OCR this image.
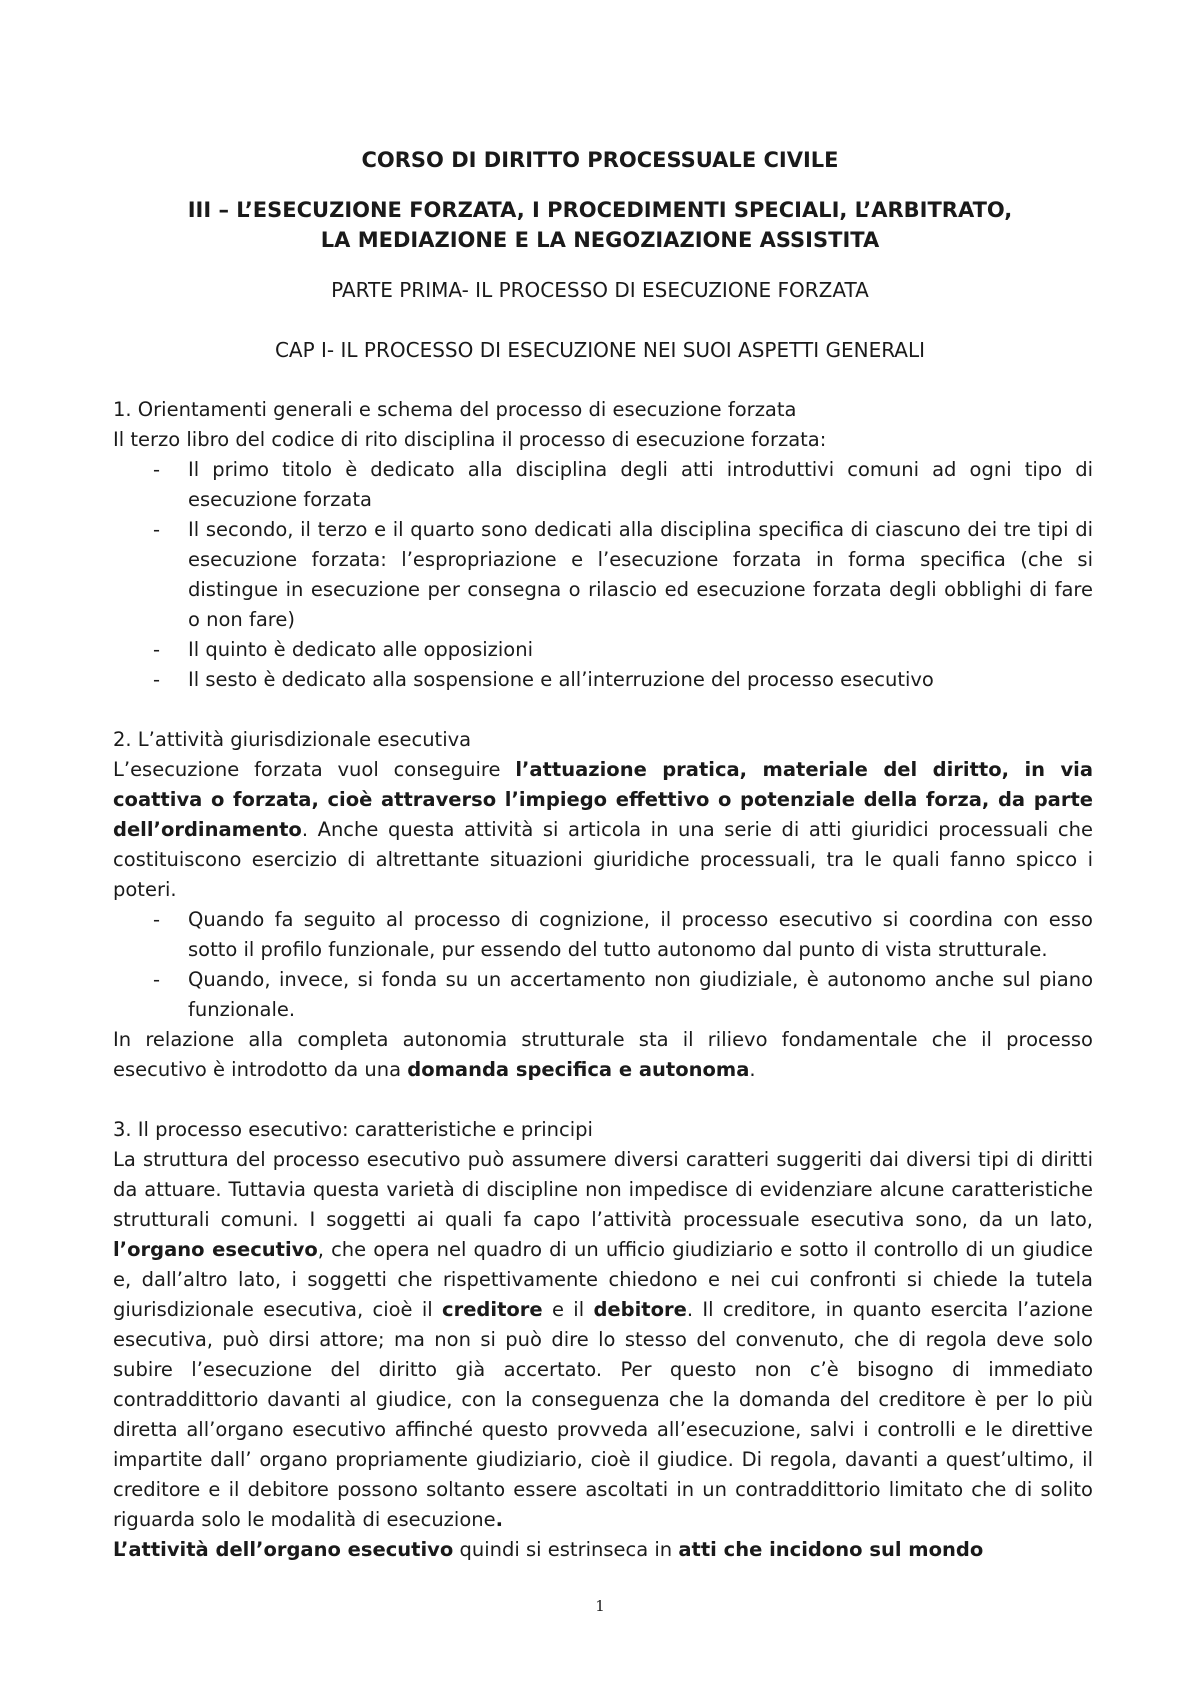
CORSO DI DIRITTO PROCESSUALE CIVILE
III – L’ESECUZIONE FORZATA, I PROCEDIMENTI SPECIALI, L’ARBITRATO,
LA MEDIAZIONE E LA NEGOZIAZIONE ASSISTITA
PARTE PRIMA- IL PROCESSO DI ESECUZIONE FORZATA
CAP I- IL PROCESSO DI ESECUZIONE NEI SUOI ASPETTI GENERALI
1. Orientamenti generali e schema del processo di esecuzione forzata
Il terzo libro del codice di rito disciplina il processo di esecuzione forzata:
- Il primo titolo è dedicato alla disciplina degli atti introduttivi comuni ad ogni tipo di esecuzione forzata
- Il secondo, il terzo e il quarto sono dedicati alla disciplina specifica di ciascuno dei tre tipi di esecuzione forzata: l’espropriazione e l’esecuzione forzata in forma specifica (che si distingue in esecuzione per consegna o rilascio ed esecuzione forzata degli obblighi di fare o non fare)
- Il quinto è dedicato alle opposizioni
- Il sesto è dedicato alla sospensione e all’interruzione del processo esecutivo
2. L’attività giurisdizionale esecutiva
L’esecuzione forzata vuol conseguire l’attuazione pratica, materiale del diritto, in via coattiva o forzata, cioè attraverso l’impiego effettivo o potenziale della forza, da parte dell’ordinamento. Anche questa attività si articola in una serie di atti giuridici processuali che costituiscono esercizio di altrettante situazioni giuridiche processuali, tra le quali fanno spicco i poteri.
- Quando fa seguito al processo di cognizione, il processo esecutivo si coordina con esso sotto il profilo funzionale, pur essendo del tutto autonomo dal punto di vista strutturale.
- Quando, invece, si fonda su un accertamento non giudiziale, è autonomo anche sul piano funzionale.
In relazione alla completa autonomia strutturale sta il rilievo fondamentale che il processo esecutivo è introdotto da una domanda specifica e autonoma.
3. Il processo esecutivo: caratteristiche e principi
La struttura del processo esecutivo può assumere diversi caratteri suggeriti dai diversi tipi di diritti da attuare. Tuttavia questa varietà di discipline non impedisce di evidenziare alcune caratteristiche strutturali comuni. I soggetti ai quali fa capo l’attività processuale esecutiva sono, da un lato, l’organo esecutivo, che opera nel quadro di un ufficio giudiziario e sotto il controllo di un giudice e, dall’altro lato, i soggetti che rispettivamente chiedono e nei cui confronti si chiede la tutela giurisdizionale esecutiva, cioè il creditore e il debitore. Il creditore, in quanto esercita l’azione esecutiva, può dirsi attore; ma non si può dire lo stesso del convenuto, che di regola deve solo subire l’esecuzione del diritto già accertato. Per questo non c’è bisogno di immediato contraddittorio davanti al giudice, con la conseguenza che la domanda del creditore è per lo più diretta all’organo esecutivo affinché questo provveda all’esecuzione, salvi i controlli e le direttive impartite dall’ organo propriamente giudiziario, cioè il giudice. Di regola, davanti a quest’ultimo, il creditore e il debitore possono soltanto essere ascoltati in un contraddittorio limitato che di solito riguarda solo le modalità di esecuzione.
L’attività dell’organo esecutivo quindi si estrinseca in atti che incidono sul mondo
1
